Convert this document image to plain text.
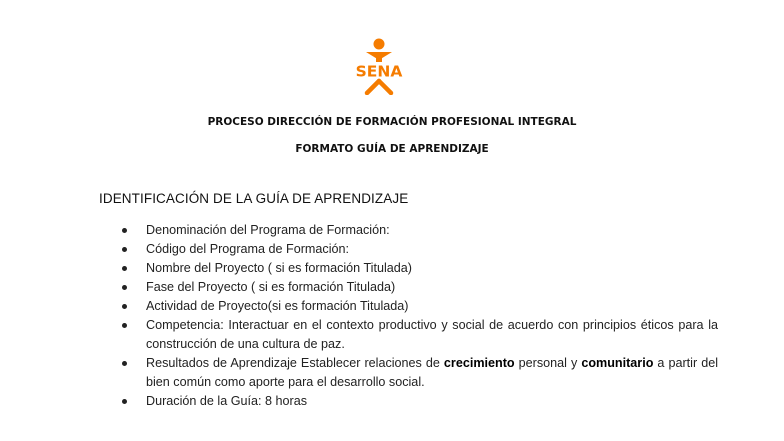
SENA
PROCESO DIRECCIÓN DE FORMACIÓN PROFESIONAL INTEGRAL
FORMATO GUÍA DE APRENDIZAJE
IDENTIFICACIÓN DE LA GUÍA DE APRENDIZAJE
Denominación del Programa de Formación:
Código del Programa de Formación:
Nombre del Proyecto ( si es formación Titulada)
Fase del Proyecto ( si es formación Titulada)
Actividad de Proyecto(si es formación Titulada)
Competencia: Interactuar en el contexto productivo y social de acuerdo con principios éticos para la construcción de una cultura de paz.
Resultados de Aprendizaje Establecer relaciones de crecimiento personal y comunitario a partir del bien común como aporte para el desarrollo social.
Duración de la Guía: 8 horas
